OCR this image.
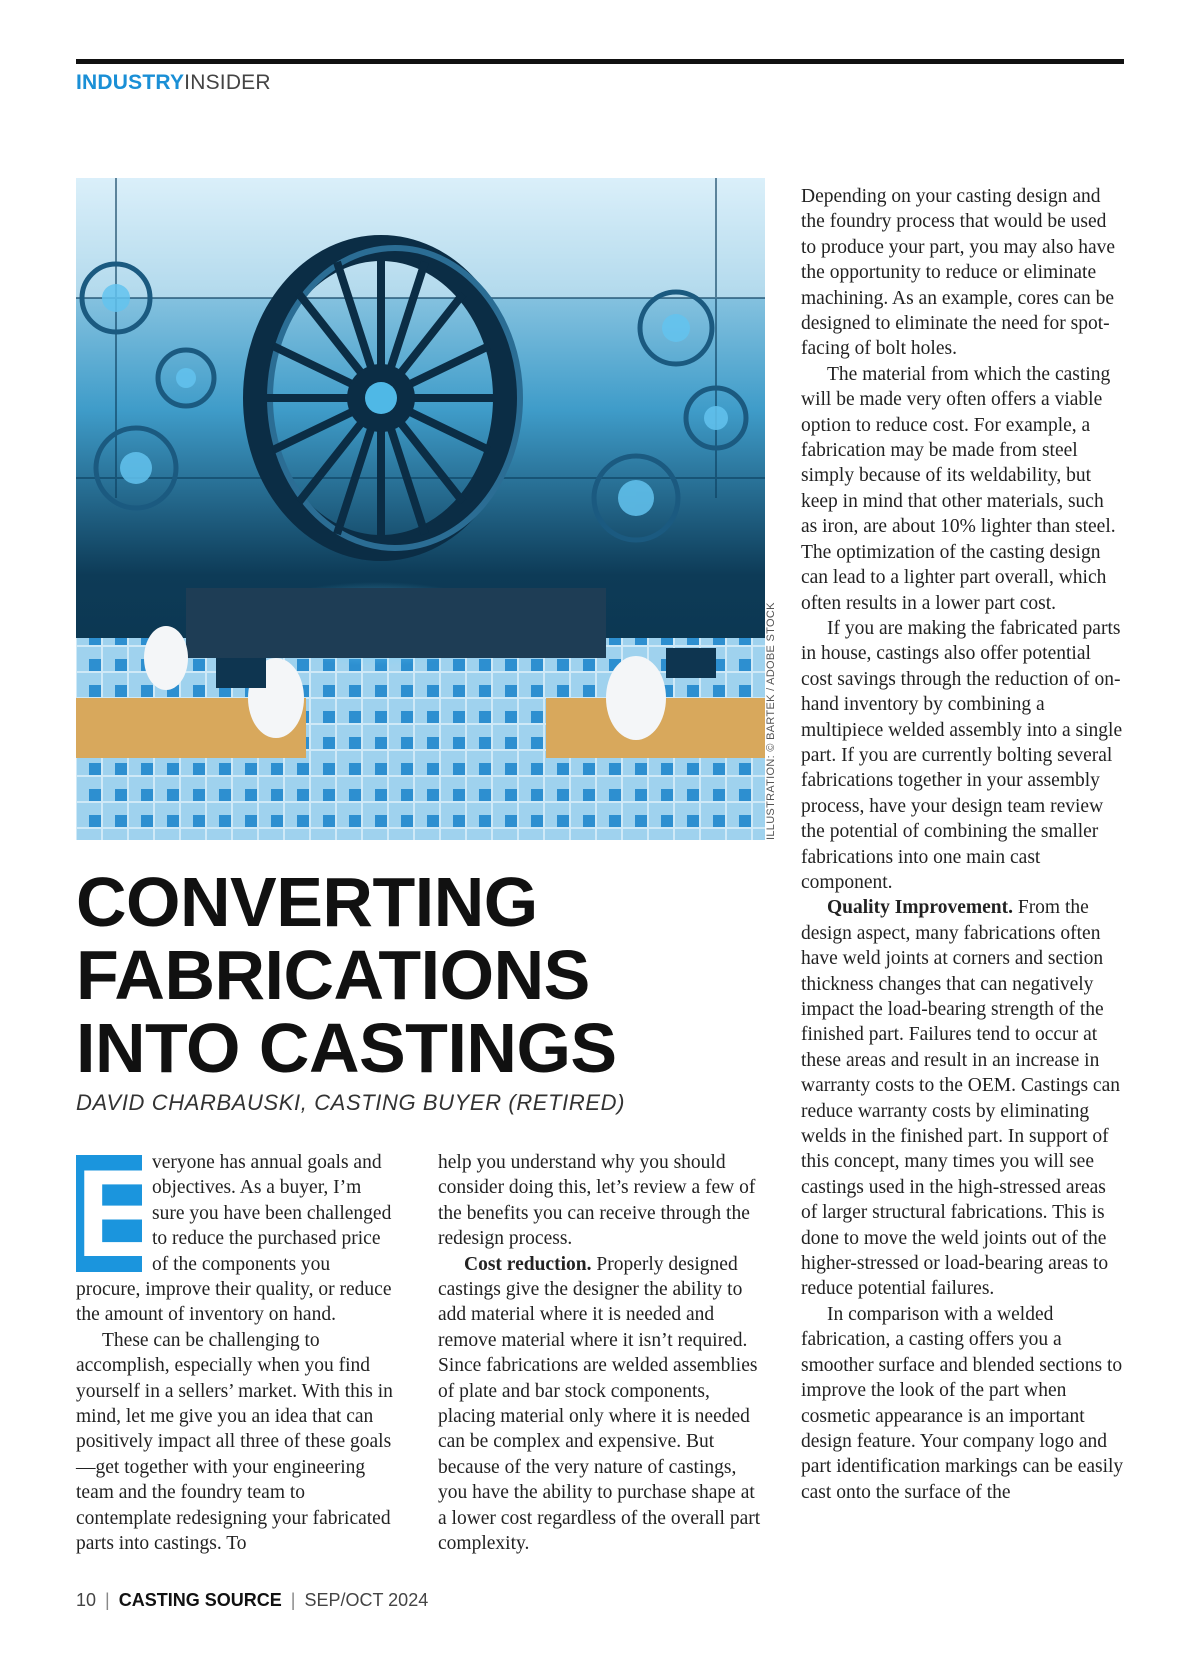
INDUSTRYINSIDER
ILLUSTRATION: © BARTEK / ADOBE STOCK
CONVERTING
FABRICATIONS
INTO CASTINGS
DAVID CHARBAUSKI, CASTING BUYER (RETIRED)

E
veryone has annual goals and objectives. As a buyer, I’m sure you have been challenged to reduce the purchased price of the components you procure, improve their quality, or reduce the amount of inventory on hand.

These can be challenging to accomplish, especially when you find yourself in a sellers’ market. With this in mind, let me give you an idea that can positively impact all three of these goals—get together with your engineering team and the foundry team to contemplate redesigning your fabricated parts into castings. To

help you understand why you should consider doing this, let’s review a few of the benefits you can receive through the redesign process.

Cost reduction. Properly designed castings give the designer the ability to add material where it is needed and remove material where it isn’t required. Since fabrications are welded assemblies of plate and bar stock components, placing material only where it is needed can be complex and expensive. But because of the very nature of castings, you have the ability to purchase shape at a lower cost regardless of the overall part complexity.

Depending on your casting design and the foundry process that would be used to produce your part, you may also have the opportunity to reduce or eliminate machining. As an example, cores can be designed to eliminate the need for spot-facing of bolt holes.

The material from which the casting will be made very often offers a viable option to reduce cost. For example, a fabrication may be made from steel simply because of its weldability, but keep in mind that other materials, such as iron, are about 10% lighter than steel. The optimization of the casting design can lead to a lighter part overall, which often results in a lower part cost.

If you are making the fabricated parts in house, castings also offer potential cost savings through the reduction of on-hand inventory by combining a multipiece welded assembly into a single part. If you are currently bolting several fabrications together in your assembly process, have your design team review the potential of combining the smaller fabrications into one main cast component.

Quality Improvement. From the design aspect, many fabrications often have weld joints at corners and section thickness changes that can negatively impact the load-bearing strength of the finished part. Failures tend to occur at these areas and result in an increase in warranty costs to the OEM. Castings can reduce warranty costs by eliminating welds in the finished part. In support of this concept, many times you will see castings used in the high-stressed areas of larger structural fabrications. This is done to move the weld joints out of the higher-stressed or load-bearing areas to reduce potential failures.

In comparison with a welded fabrication, a casting offers you a smoother surface and blended sections to improve the look of the part when cosmetic appearance is an important design feature. Your company logo and part identification markings can be easily cast onto the surface of the

10 | CASTING SOURCE | SEP/OCT 2024
